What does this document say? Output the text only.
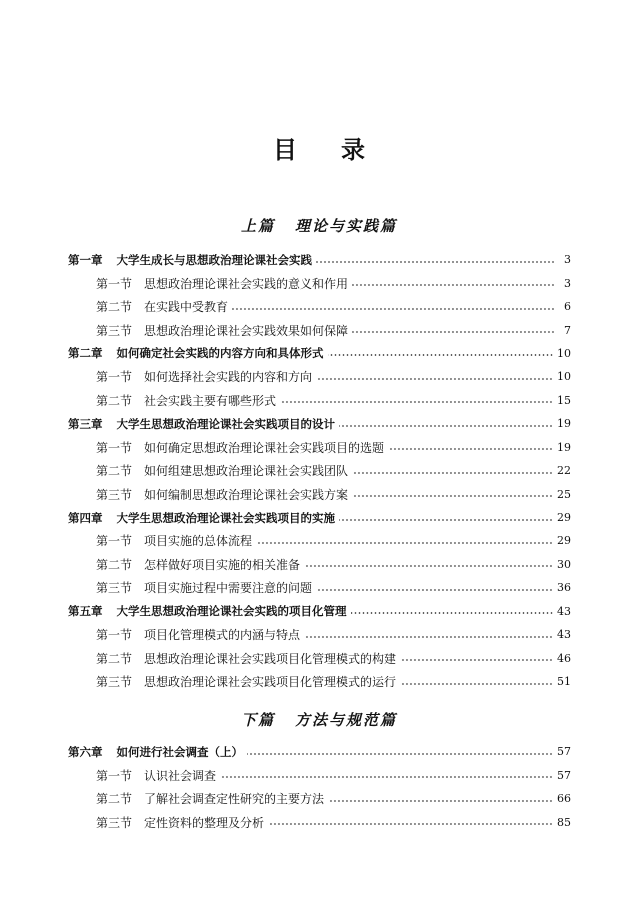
目录
上篇 理论与实践篇
第一章 大学生成长与思想政治理论课社会实践	3
第一节 思想政治理论课社会实践的意义和作用	3
第二节 在实践中受教育	6
第三节 思想政治理论课社会实践效果如何保障	7
第二章 如何确定社会实践的内容方向和具体形式	10
第一节 如何选择社会实践的内容和方向	10
第二节 社会实践主要有哪些形式	15
第三章 大学生思想政治理论课社会实践项目的设计	19
第一节 如何确定思想政治理论课社会实践项目的选题	19
第二节 如何组建思想政治理论课社会实践团队	22
第三节 如何编制思想政治理论课社会实践方案	25
第四章 大学生思想政治理论课社会实践项目的实施	29
第一节 项目实施的总体流程	29
第二节 怎样做好项目实施的相关准备	30
第三节 项目实施过程中需要注意的问题	36
第五章 大学生思想政治理论课社会实践的项目化管理	43
第一节 项目化管理模式的内涵与特点	43
第二节 思想政治理论课社会实践项目化管理模式的构建	46
第三节 思想政治理论课社会实践项目化管理模式的运行	51
下篇 方法与规范篇
第六章 如何进行社会调查（上）	57
第一节 认识社会调查	57
第二节 了解社会调查定性研究的主要方法	66
第三节 定性资料的整理及分析	85
